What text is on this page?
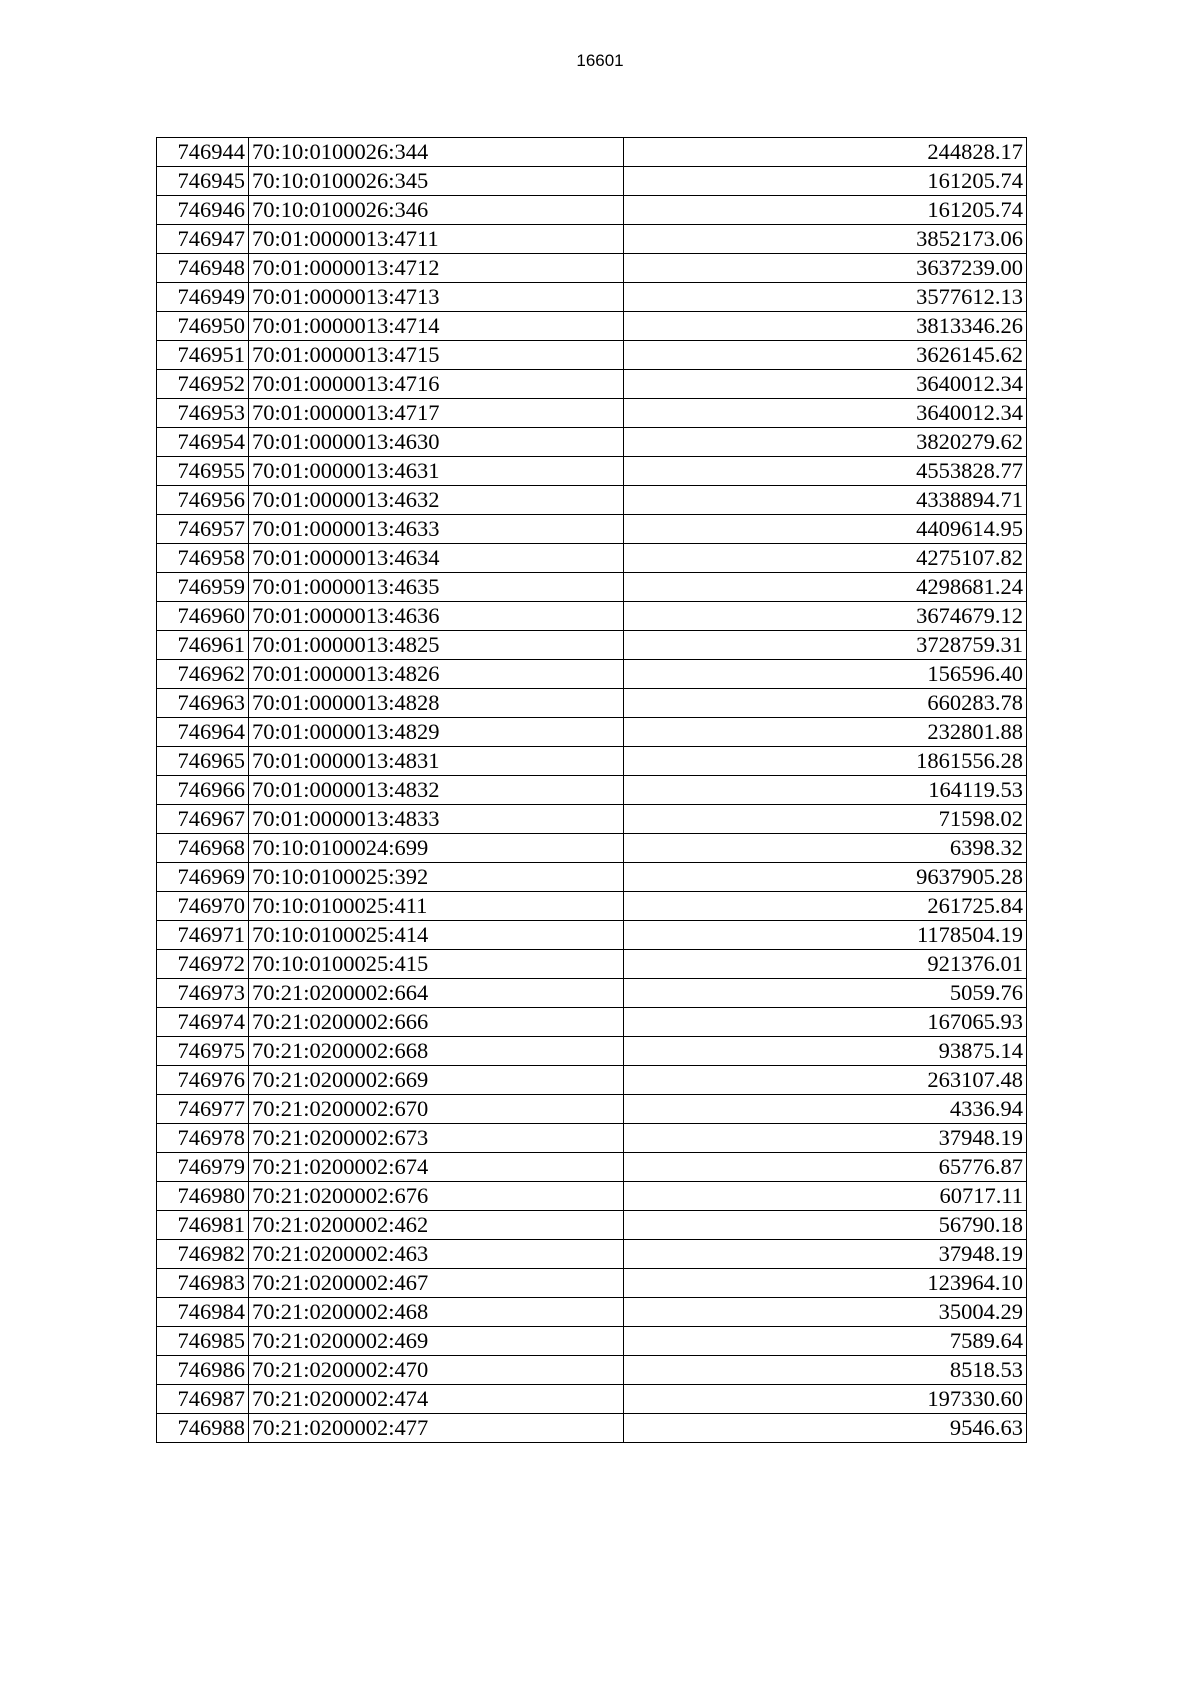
16601
746944	70:10:0100026:344	244828.17
746945	70:10:0100026:345	161205.74
746946	70:10:0100026:346	161205.74
746947	70:01:0000013:4711	3852173.06
746948	70:01:0000013:4712	3637239.00
746949	70:01:0000013:4713	3577612.13
746950	70:01:0000013:4714	3813346.26
746951	70:01:0000013:4715	3626145.62
746952	70:01:0000013:4716	3640012.34
746953	70:01:0000013:4717	3640012.34
746954	70:01:0000013:4630	3820279.62
746955	70:01:0000013:4631	4553828.77
746956	70:01:0000013:4632	4338894.71
746957	70:01:0000013:4633	4409614.95
746958	70:01:0000013:4634	4275107.82
746959	70:01:0000013:4635	4298681.24
746960	70:01:0000013:4636	3674679.12
746961	70:01:0000013:4825	3728759.31
746962	70:01:0000013:4826	156596.40
746963	70:01:0000013:4828	660283.78
746964	70:01:0000013:4829	232801.88
746965	70:01:0000013:4831	1861556.28
746966	70:01:0000013:4832	164119.53
746967	70:01:0000013:4833	71598.02
746968	70:10:0100024:699	6398.32
746969	70:10:0100025:392	9637905.28
746970	70:10:0100025:411	261725.84
746971	70:10:0100025:414	1178504.19
746972	70:10:0100025:415	921376.01
746973	70:21:0200002:664	5059.76
746974	70:21:0200002:666	167065.93
746975	70:21:0200002:668	93875.14
746976	70:21:0200002:669	263107.48
746977	70:21:0200002:670	4336.94
746978	70:21:0200002:673	37948.19
746979	70:21:0200002:674	65776.87
746980	70:21:0200002:676	60717.11
746981	70:21:0200002:462	56790.18
746982	70:21:0200002:463	37948.19
746983	70:21:0200002:467	123964.10
746984	70:21:0200002:468	35004.29
746985	70:21:0200002:469	7589.64
746986	70:21:0200002:470	8518.53
746987	70:21:0200002:474	197330.60
746988	70:21:0200002:477	9546.63
